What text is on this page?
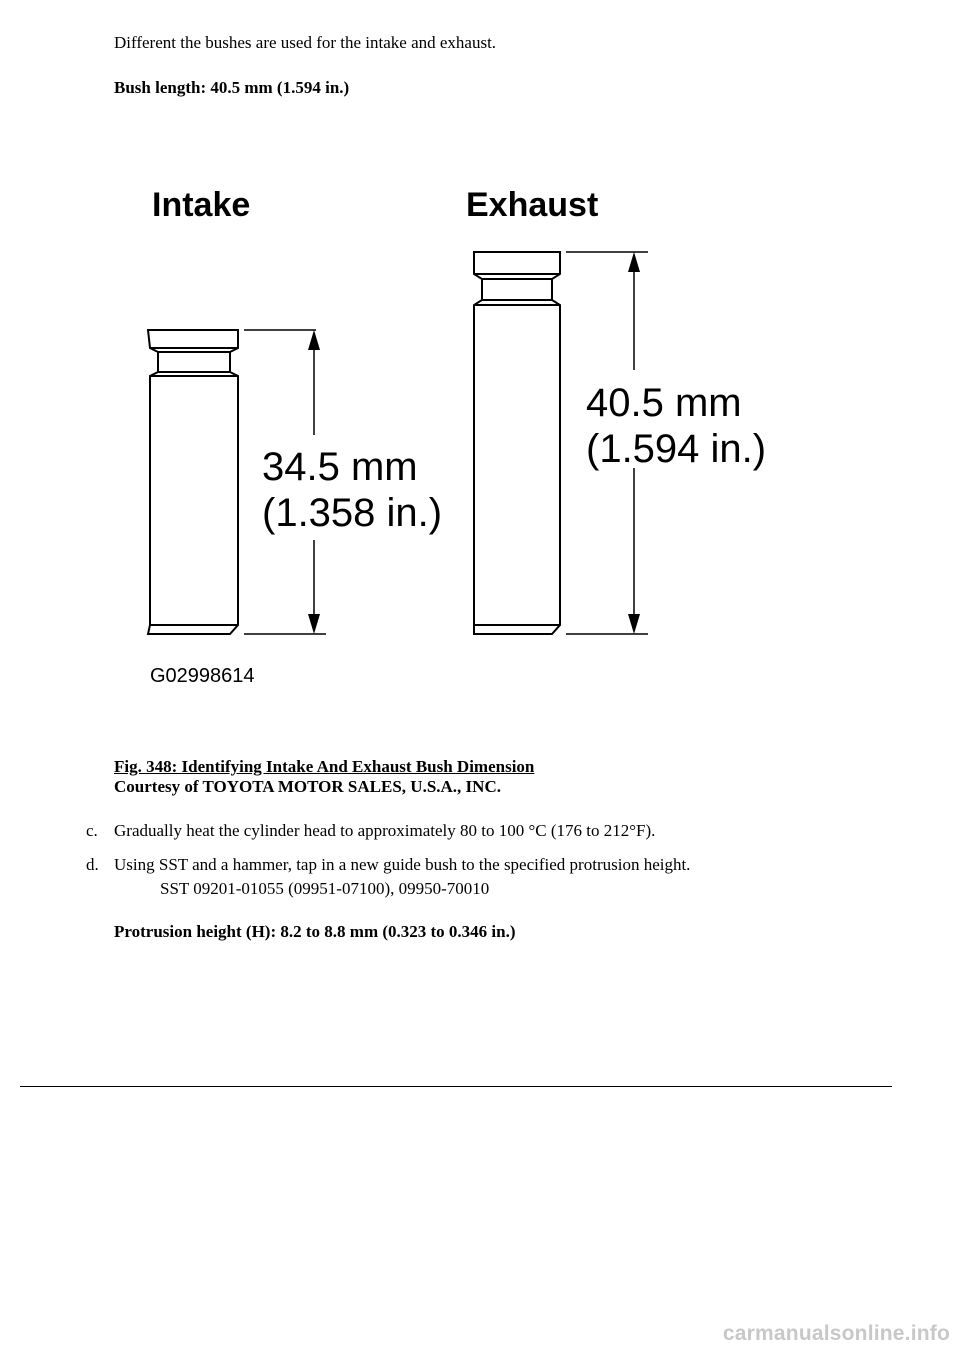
Different the bushes are used for the intake and exhaust.
Bush length: 40.5 mm (1.594 in.)
Intake	Exhaust
34.5 mm
(1.358 in.)
40.5 mm
(1.594 in.)
G02998614
Fig. 348: Identifying Intake And Exhaust Bush Dimension
Courtesy of TOYOTA MOTOR SALES, U.S.A., INC.
c. Gradually heat the cylinder head to approximately 80 to 100 °C (176 to 212°F).
d. Using SST and a hammer, tap in a new guide bush to the specified protrusion height.
SST 09201-01055 (09951-07100), 09950-70010
Protrusion height (H): 8.2 to 8.8 mm (0.323 to 0.346 in.)
carmanualsonline.info
